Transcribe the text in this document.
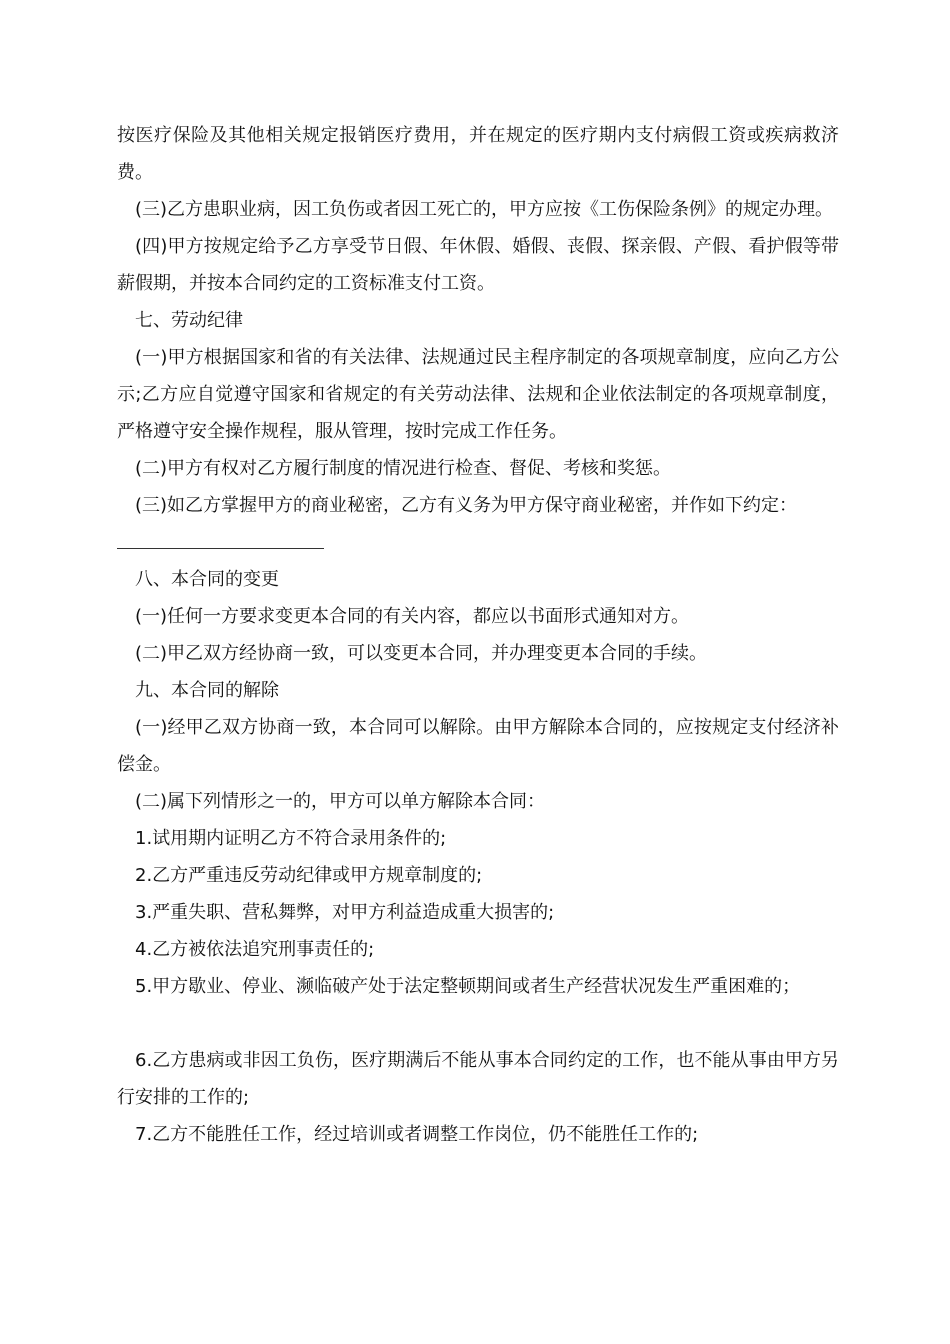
按医疗保险及其他相关规定报销医疗费用，并在规定的医疗期内支付病假工资或疾病救济费。

(三)乙方患职业病，因工负伤或者因工死亡的，甲方应按《工伤保险条例》的规定办理。

(四)甲方按规定给予乙方享受节日假、年休假、婚假、丧假、探亲假、产假、看护假等带薪假期，并按本合同约定的工资标准支付工资。

七、劳动纪律

(一)甲方根据国家和省的有关法律、法规通过民主程序制定的各项规章制度，应向乙方公示;乙方应自觉遵守国家和省规定的有关劳动法律、法规和企业依法制定的各项规章制度，严格遵守安全操作规程，服从管理，按时完成工作任务。

(二)甲方有权对乙方履行制度的情况进行检查、督促、考核和奖惩。

(三)如乙方掌握甲方的商业秘密，乙方有义务为甲方保守商业秘密，并作如下约定：

八、本合同的变更

(一)任何一方要求变更本合同的有关内容，都应以书面形式通知对方。

(二)甲乙双方经协商一致，可以变更本合同，并办理变更本合同的手续。

九、本合同的解除

(一)经甲乙双方协商一致，本合同可以解除。由甲方解除本合同的，应按规定支付经济补偿金。

(二)属下列情形之一的，甲方可以单方解除本合同：

1.试用期内证明乙方不符合录用条件的;

2.乙方严重违反劳动纪律或甲方规章制度的;

3.严重失职、营私舞弊，对甲方利益造成重大损害的;

4.乙方被依法追究刑事责任的;

5.甲方歇业、停业、濒临破产处于法定整顿期间或者生产经营状况发生严重困难的；

6.乙方患病或非因工负伤，医疗期满后不能从事本合同约定的工作，也不能从事由甲方另行安排的工作的;

7.乙方不能胜任工作，经过培训或者调整工作岗位，仍不能胜任工作的;
